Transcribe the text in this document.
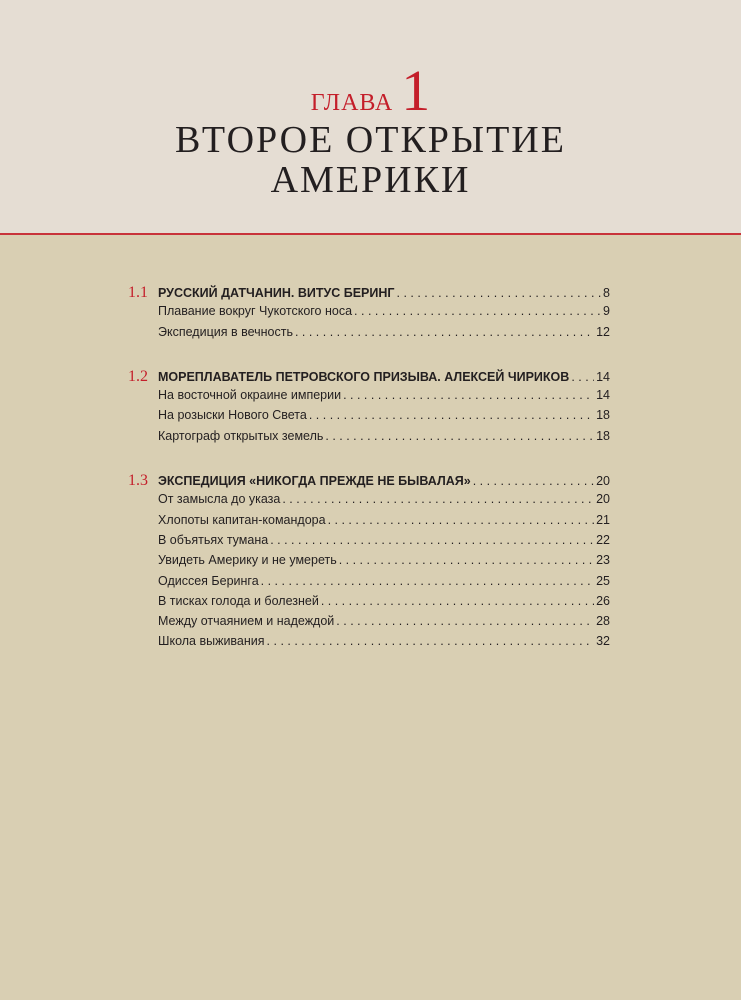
ГЛАВА 1
ВТОРОЕ ОТКРЫТИЕ
АМЕРИКИ
1.1 РУССКИЙ ДАТЧАНИН. ВИТУС БЕРИНГ . . .	8
Плавание вокруг Чукотского носа . . .	9
Экспедиция в вечность . . .	12
1.2 МОРЕПЛАВАТЕЛЬ ПЕТРОВСКОГО ПРИЗЫВА. АЛЕКСЕЙ ЧИРИКОВ . . . 14
На восточной окраине империи . . .	14
На розыски Нового Света . . .	18
Картограф открытых земель . . .	18
1.3 ЭКСПЕДИЦИЯ «НИКОГДА ПРЕЖДЕ НЕ БЫВАЛАЯ» . . .	20
От замысла до указа . . .	20
Хлопоты капитан-командора . . .	21
В объятьях тумана . . .	22
Увидеть Америку и не умереть . . .	23
Одиссея Беринга . . .	25
В тисках голода и болезней . . .	26
Между отчаянием и надеждой . . .	28
Школа выживания . . .	32
